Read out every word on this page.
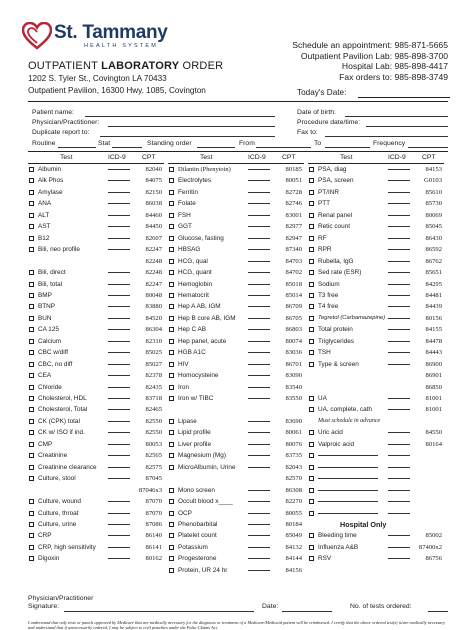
St. Tammany
HEALTH SYSTEM	Schedule an appointment: 985-871-5665
Outpatient Pavilion Lab: 985-898-3700
Hospital Lab: 985-898-4417
Fax orders to: 985-898-3749
OUTPATIENT LABORATORY ORDER
1202 S. Tyler St., Covington LA 70433
Outpatient Pavilion, 16300 Hwy. 1085, Covington	Today's Date:
Patient name:	Date of birth:
Physician/Practitioner:	Procedure date/time:
Duplicate report to:	Fax to:
Routine	Stat	Standing order	From	To	Frequency
Test	ICD-9 CPT
Albumin	82040
Alk Phos	84075
Amylase	82150
ANA	86038
ALT	84460
AST	84450
B12	82607
Bili, neo profile	82247
82248
Bili, direct	82248
Bili, total	82247
BMP	80048
BTNP	83880
BUN	84520
CA 125	86304
Calcium	82310
CBC w/diff	85025
CBC, no diff	85027
CEA	82378
Chloride	82435
Cholesterol, HDL	83718
Cholesterol, Total	82465
CK (CPK) total	82550
CK w/ ISO if ind.	82550
CMP	80053
Creatinine	82565
Creatinine clearance	82575
Culture, stool	87045
87046x3
Culture, wound	87070
Culture, throat	87070
Culture, urine	87086
CRP	86140
CRP, high sensitivity	86141
Digoxin	80162
Test	ICD-9 CPT
Dilantin (Phenytoin)	80185
Electrolytes	80051
Ferritin	82728
Folate	82746
FSH	83001
GGT	82977
Glucose, fasting	82947
HBSAG	87340
HCG, qual	84703
HCG, quant	84702
Hemoglobin	85018
Hematocrit	85014
Hep A AB, IGM	86709
Hep B core AB, IGM	86705
Hep C AB	86803
Hep panel, acute	80074
HGB A1C	83036
HIV	86701
Homocysteine	83090
Iron	83540
Iron w/ TIBC	83550
Lipase	83690
Lipid profile	80061
Liver profile	80076
Magnesium (Mg)	83735
MicroAlbumin, Urine	82043
82570
Mono screen	86308
Occult blood x____	82270
OCP	80055
Phenobarbital	80184
Platelet count	85049
Potassium	84132
Progesterone	84144
Protein, UR 24 hr	84156
Test	ICD-9 CPT
PSA, diag	84153
PSA, screen	G0103
PT/INR	85610
PTT	85730
Renal panel	80069
Retic count	85045
RF	86430
RPR	86592
Rubella, IgG	86762
Sed rate (ESR)	85651
Sodium	84295
T3 free	84481
T4 free	84439
Tegretol (Carbamazepine)	80156
Total protein	84155
Triglycerides	84478
TSH	84443
Type & screen	86900
86901
86850
UA	81001
UA, complete, cath	81001
Must schedule in advance
Uric acid	84550
Valproic acid	80164
Hospital Only
Bleeding time	85002
Influenza A&B	87400x2
RSV	86756
Physician/Practitioner
Signature:	Date:	No. of tests ordered:
I understand that only tests or panels approved by Medicare that are medically necessary for the diagnosis or treatment of a Medicare/Medicaid patient will be reimbursed. I certify that the above ordered test(s) is/are medically necessary and understand that if unnecessarily ordered, I may be subject to civil penalties under the False Claims Act.
